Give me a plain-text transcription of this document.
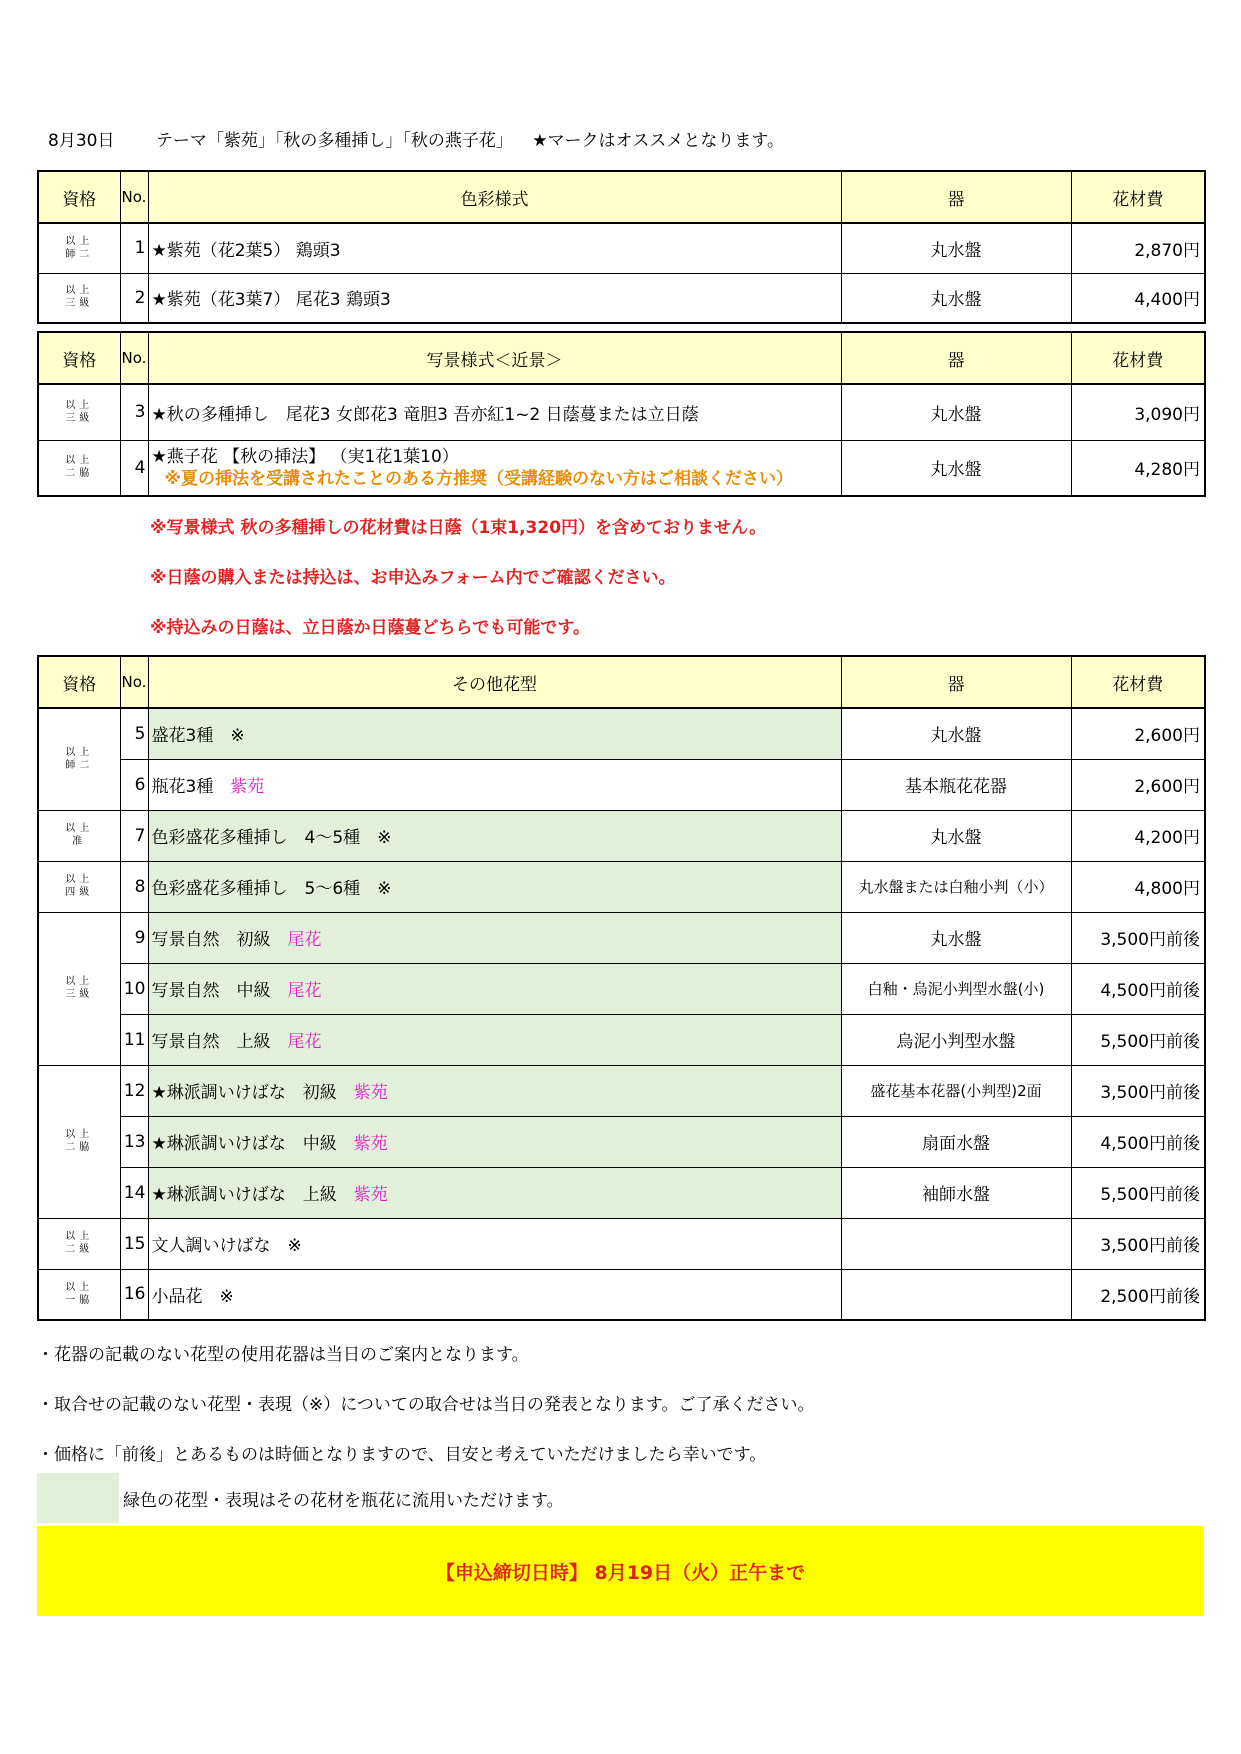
8月30日 テーマ「紫苑」「秋の多種挿し」「秋の燕子花」 ★マークはオススメとなります。
資格	No.	色彩様式	器	花材費
以上 師二	1	★紫苑（花2葉5） 鶏頭3	丸水盤	2,870円
以上 三級	2	★紫苑（花3葉7） 尾花3 鶏頭3	丸水盤	4,400円
資格	No.	写景様式＜近景＞	器	花材費
以上 三級	3	★秋の多種挿し　尾花3 女郎花3 竜胆3 吾亦紅1~2 日蔭蔓または立日蔭	丸水盤	3,090円
以上 二脇	4	★燕子花 【秋の挿法】 （実1花1葉10）
※夏の挿法を受講されたことのある方推奨（受講経験のない方はご相談ください）	丸水盤	4,280円
※写景様式 秋の多種挿しの花材費は日蔭（1束1,320円）を含めておりません。
※日蔭の購入または持込は、お申込みフォーム内でご確認ください。
※持込みの日蔭は、立日蔭か日蔭蔓どちらでも可能です。
資格	No.	その他花型	器	花材費
以上 師二	5	盛花3種　※	丸水盤	2,600円
	6	瓶花3種　紫苑	基本瓶花花器	2,600円
以上 准	7	色彩盛花多種挿し　4～5種　※	丸水盤	4,200円
以上 四級	8	色彩盛花多種挿し　5～6種　※	丸水盤または白釉小判（小）	4,800円
以上 三級	9	写景自然　初級　尾花	丸水盤	3,500円前後
	10	写景自然　中級　尾花	白釉・烏泥小判型水盤(小)	4,500円前後
	11	写景自然　上級　尾花	烏泥小判型水盤	5,500円前後
以上 二脇	12	★琳派調いけばな　初級　紫苑	盛花基本花器(小判型)2面	3,500円前後
	13	★琳派調いけばな　中級　紫苑	扇面水盤	4,500円前後
	14	★琳派調いけばな　上級　紫苑	袖師水盤	5,500円前後
以上 二級	15	文人調いけばな　※		3,500円前後
以上 一脇	16	小品花　※		2,500円前後
・花器の記載のない花型の使用花器は当日のご案内となります。
・取合せの記載のない花型・表現（※）についての取合せは当日の発表となります。ご了承ください。
・価格に「前後」とあるものは時価となりますので、目安と考えていただけましたら幸いです。
緑色の花型・表現はその花材を瓶花に流用いただけます。
【申込締切日時】 8月19日（火）正午まで
